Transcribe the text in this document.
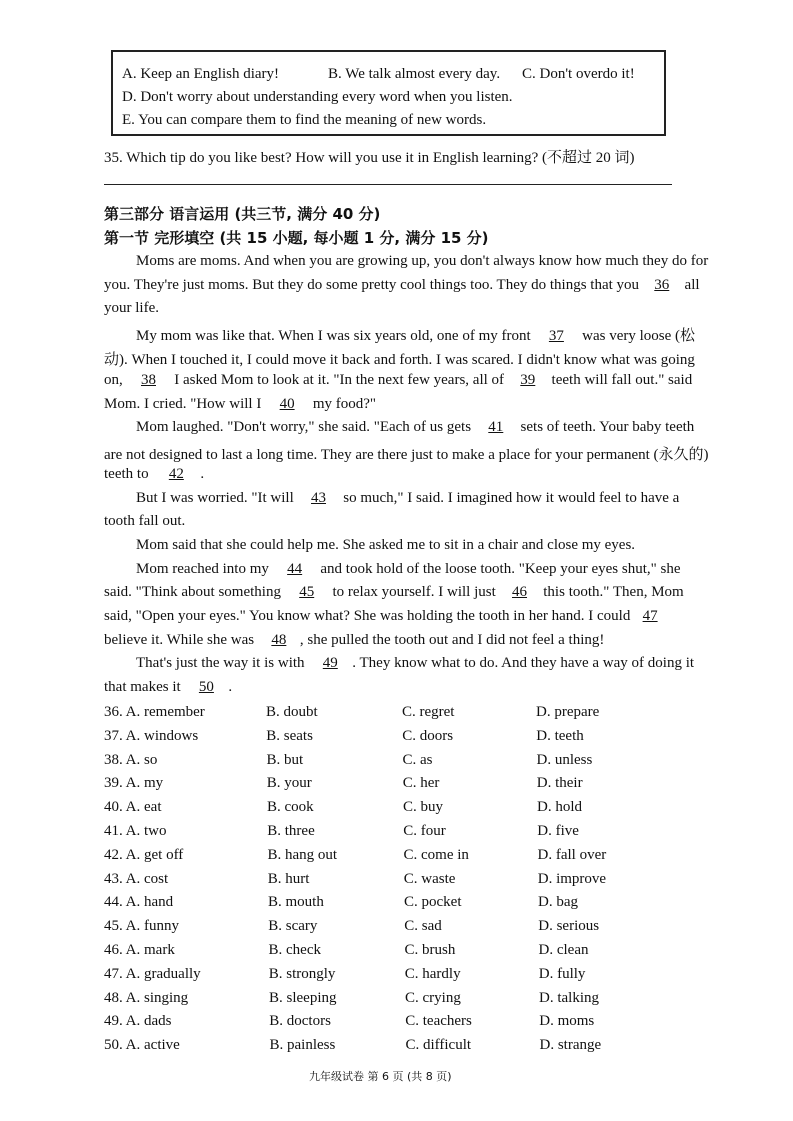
A. Keep an English diary!	B. We talk almost every day. C. Don't overdo it!
D. Don't worry about understanding every word when you listen.
E. You can compare them to find the meaning of new words.
35. Which tip do you like best? How will you use it in English learning? (不超过 20 词)
第三部分 语言运用 (共三节, 满分 40 分)
第一节 完形填空 (共 15 小题, 每小题 1 分, 满分 15 分)
Moms are moms. And when you are growing up, you don't always know how much they do for
you. They're just moms. But they do some pretty cool things too. They do things that you 36 all
your life.
My mom was like that. When I was six years old, one of my front 37 was very loose (松
动). When I touched it, I could move it back and forth. I was scared. I didn't know what was going
on, 38 I asked Mom to look at it. "In the next few years, all of 39 teeth will fall out." said
Mom. I cried. "How will I 40 my food?"
Mom laughed. "Don't worry," she said. "Each of us gets 41 sets of teeth. Your baby teeth
are not designed to last a long time. They are there just to make a place for your permanent (永久的)
teeth to 42 .
But I was worried. "It will 43 so much," I said. I imagined how it would feel to have a
tooth fall out.
Mom said that she could help me. She asked me to sit in a chair and close my eyes.
Mom reached into my 44 and took hold of the loose tooth. "Keep your eyes shut," she
said. "Think about something 45 to relax yourself. I will just 46 this tooth." Then, Mom
said, "Open your eyes." You know what? She was holding the tooth in her hand. I could 47
believe it. While she was 48 , she pulled the tooth out and I did not feel a thing!
That's just the way it is with 49 . They know what to do. And they have a way of doing it
that makes it 50 .
36. A. remember	B. doubt	C. regret	D. prepare
37. A. windows	B. seats	C. doors	D. teeth
38. A. so	B. but	C. as	D. unless
39. A. my	B. your	C. her	D. their
40. A. eat	B. cook	C. buy	D. hold
41. A. two	B. three	C. four	D. five
42. A. get off	B. hang out	C. come in	D. fall over
43. A. cost	B. hurt	C. waste	D. improve
44. A. hand	B. mouth	C. pocket	D. bag
45. A. funny	B. scary	C. sad	D. serious
46. A. mark	B. check	C. brush	D. clean
47. A. gradually	B. strongly	C. hardly	D. fully
48. A. singing	B. sleeping	C. crying	D. talking
49. A. dads	B. doctors	C. teachers	D. moms
50. A. active	B. painless	C. difficult	D. strange
九年级试卷 第 6 页 (共 8 页)
